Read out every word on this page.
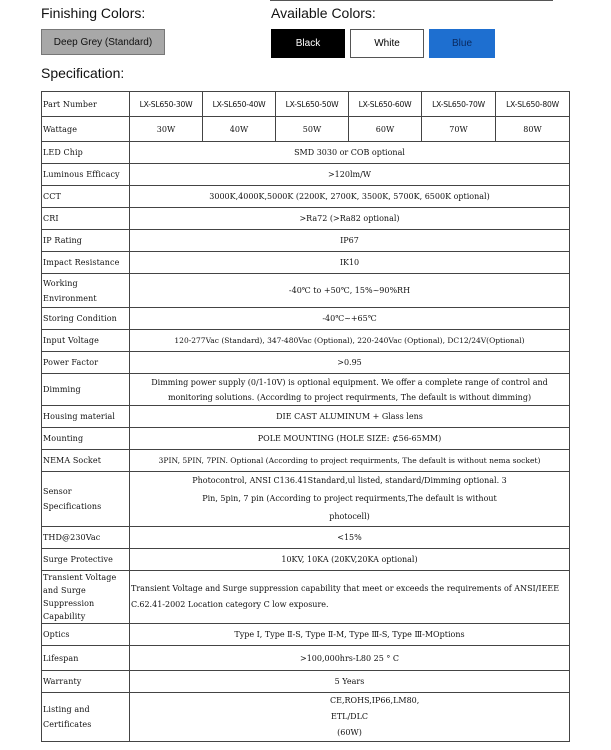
Finishing Colors:	Available Colors:
Deep Grey (Standard)	Black	White	Blue
Specification:
Part Number	LX-SL650-30W	LX-SL650-40W	LX-SL650-50W	LX-SL650-60W	LX-SL650-70W	LX-SL650-80W
Wattage	30W	40W	50W	60W	70W	80W
LED Chip	SMD 3030 or COB optional					
Luminous Efficacy	>120lm/W					
CCT	3000K,4000K,5000K (2200K, 2700K, 3500K, 5700K, 6500K optional)					
CRI	>Ra72 (>Ra82 optional)					
IP Rating	IP67					
Impact Resistance	IK10					
Working Environment	-40℃ to +50℃, 15%~90%RH					
Storing Condition	-40℃~+65℃					
Input Voltage	120-277Vac (Standard), 347-480Vac (Optional), 220-240Vac (Optional), DC12/24V(Optional)					
Power Factor	>0.95					
Dimming	Dimming power supply (0/1-10V) is optional equipment. We offer a complete range of control and monitoring solutions. (According to project requirments, The default is without dimming)					
Housing material	DIE CAST ALUMINUM + Glass lens					
Mounting	POLE MOUNTING (HOLE SIZE: ⊄56-65MM)					
NEMA Socket	3PIN, 5PIN, 7PIN. Optional (According to project requirments, The default is without nema socket)					
Sensor Specifications	Photocontrol, ANSI C136.41Standard,ul listed, standard/Dimming optional. 3 Pin, 5pin, 7 pin (According to project requirments,The default is without photocell)					
THD@230Vac	<15%					
Surge Protective	10KV, 10KA (20KV,20KA optional)					
Transient Voltage and Surge Suppression Capability	Transient Voltage and Surge suppression capability that meet or exceeds the requirements of ANSI/IEEE C.62.41-2002 Location category C low exposure.					
Optics	Type Ⅰ, Type Ⅱ-S, Type Ⅱ-M, Type Ⅲ-S, Type Ⅲ-MOptions					
Lifespan	>100,000hrs-L80 25 ° C					
Warranty	5 Years					
Listing and Certificates	CE,ROHS,IP66,LM80, ETL/DLC (60W)					
